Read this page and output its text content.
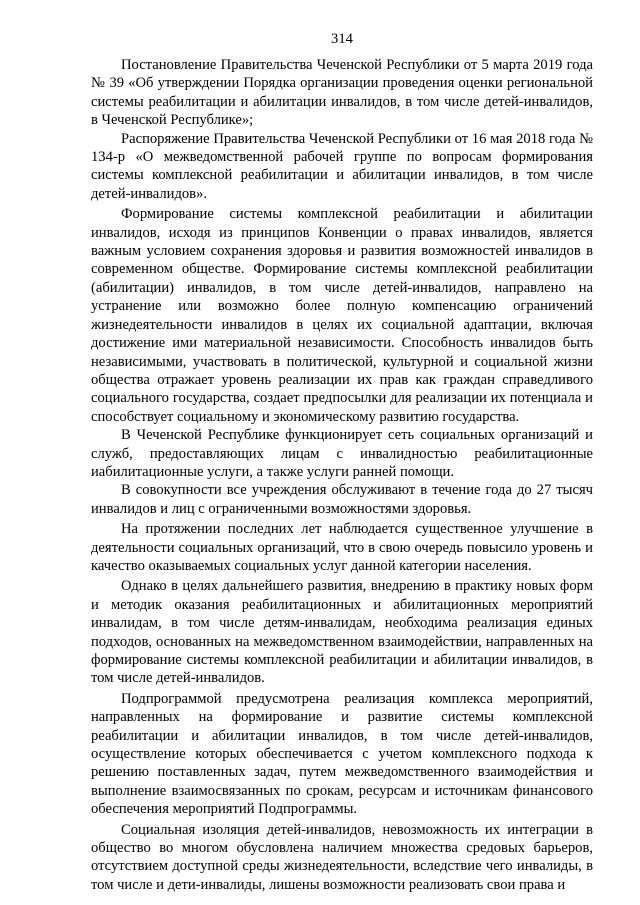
314

Постановление Правительства Чеченской Республики от 5 марта 2019 года № 39 «Об утверждении Порядка организации проведения оценки региональной системы реабилитации и абилитации инвалидов, в том числе детей-инвалидов, в Чеченской Республике»;

Распоряжение Правительства Чеченской Республики от 16 мая 2018 года № 134-р «О межведомственной рабочей группе по вопросам формирования системы комплексной реабилитации и абилитации инвалидов, в том числе детей-инвалидов».

Формирование системы комплексной реабилитации и абилитации инвалидов, исходя из принципов Конвенции о правах инвалидов, является важным условием сохранения здоровья и развития возможностей инвалидов в современном обществе. Формирование системы комплексной реабилитации (абилитации) инвалидов, в том числе детей-инвалидов, направлено на устранение или возможно более полную компенсацию ограничений жизнедеятельности инвалидов в целях их социальной адаптации, включая достижение ими материальной независимости. Способность инвалидов быть независимыми, участвовать в политической, культурной и социальной жизни общества отражает уровень реализации их прав как граждан справедливого социального государства, создает предпосылки для реализации их потенциала и способствует социальному и экономическому развитию государства.

В Чеченской Республике функционирует сеть социальных организаций и служб, предоставляющих лицам с инвалидностью реабилитационные иабилитационные услуги, а также услуги ранней помощи.

В совокупности все учреждения обслуживают в течение года до 27 тысяч инвалидов и лиц с ограниченными возможностями здоровья.

На протяжении последних лет наблюдается существенное улучшение в деятельности социальных организаций, что в свою очередь повысило уровень и качество оказываемых социальных услуг данной категории населения.

Однако в целях дальнейшего развития, внедрению в практику новых форм и методик оказания реабилитационных и абилитационных мероприятий инвалидам, в том числе детям-инвалидам, необходима реализация единых подходов, основанных на межведомственном взаимодействии, направленных на формирование системы комплексной реабилитации и абилитации инвалидов, в том числе детей-инвалидов.

Подпрограммой предусмотрена реализация комплекса мероприятий, направленных на формирование и развитие системы комплексной реабилитации и абилитации инвалидов, в том числе детей-инвалидов, осуществление которых обеспечивается с учетом комплексного подхода к решению поставленных задач, путем межведомственного взаимодействия и выполнение взаимосвязанных по срокам, ресурсам и источникам финансового обеспечения мероприятий Подпрограммы.

Социальная изоляция детей-инвалидов, невозможность их интеграции в общество во многом обусловлена наличием множества средовых барьеров, отсутствием доступной среды жизнедеятельности, вследствие чего инвалиды, в том числе и дети-инвалиды, лишены возможности реализовать свои права и
